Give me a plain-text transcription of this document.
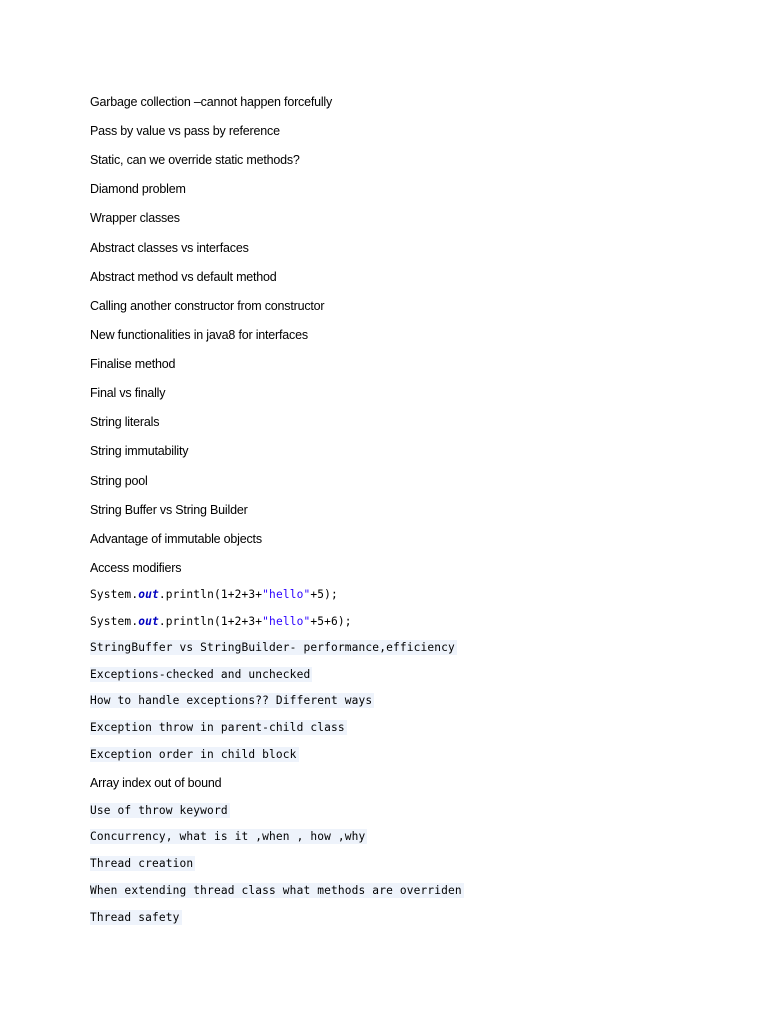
Garbage collection –cannot happen forcefully
Pass by value vs pass by reference
Static, can we override static methods?
Diamond problem
Wrapper classes
Abstract classes vs interfaces
Abstract method vs default method
Calling another constructor from constructor
New functionalities in java8 for interfaces
Finalise method
Final vs finally
String literals
String immutability
String pool
String Buffer vs String Builder
Advantage of immutable objects
Access modifiers
System.out.println(1+2+3+"hello"+5);
System.out.println(1+2+3+"hello"+5+6);
StringBuffer vs StringBuilder- performance,efficiency
Exceptions-checked and unchecked
How to handle exceptions?? Different ways
Exception throw in parent-child class
Exception order in child block
Array index out of bound
Use of throw keyword
Concurrency, what is it ,when , how ,why
Thread creation
When extending thread class what methods are overriden
Thread safety
